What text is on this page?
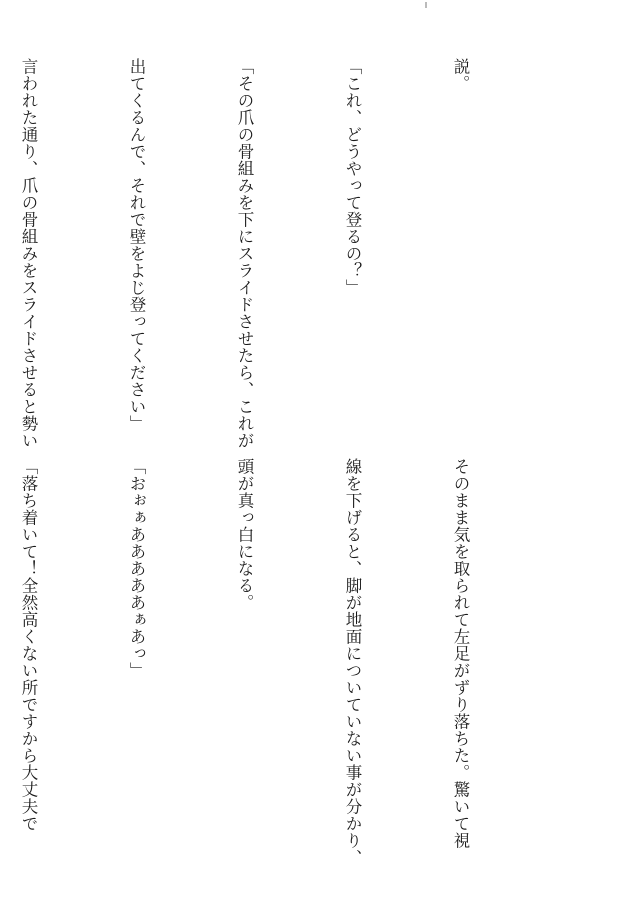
説。

「これ、どうやって登るの？」

「その爪の骨組みを下にスライドさせたら、これが

出てくるんで、それで壁をよじ登ってください」

言われた通り、爪の骨組みをスライドさせると勢い

そのまま気を取られて左足がずり落ちた。驚いて視

線を下げると、脚が地面についていない事が分かり、

頭が真っ白になる。

「おぉぁあああああぁあっ」

「落ち着いて！全然高くない所ですから大丈夫で
